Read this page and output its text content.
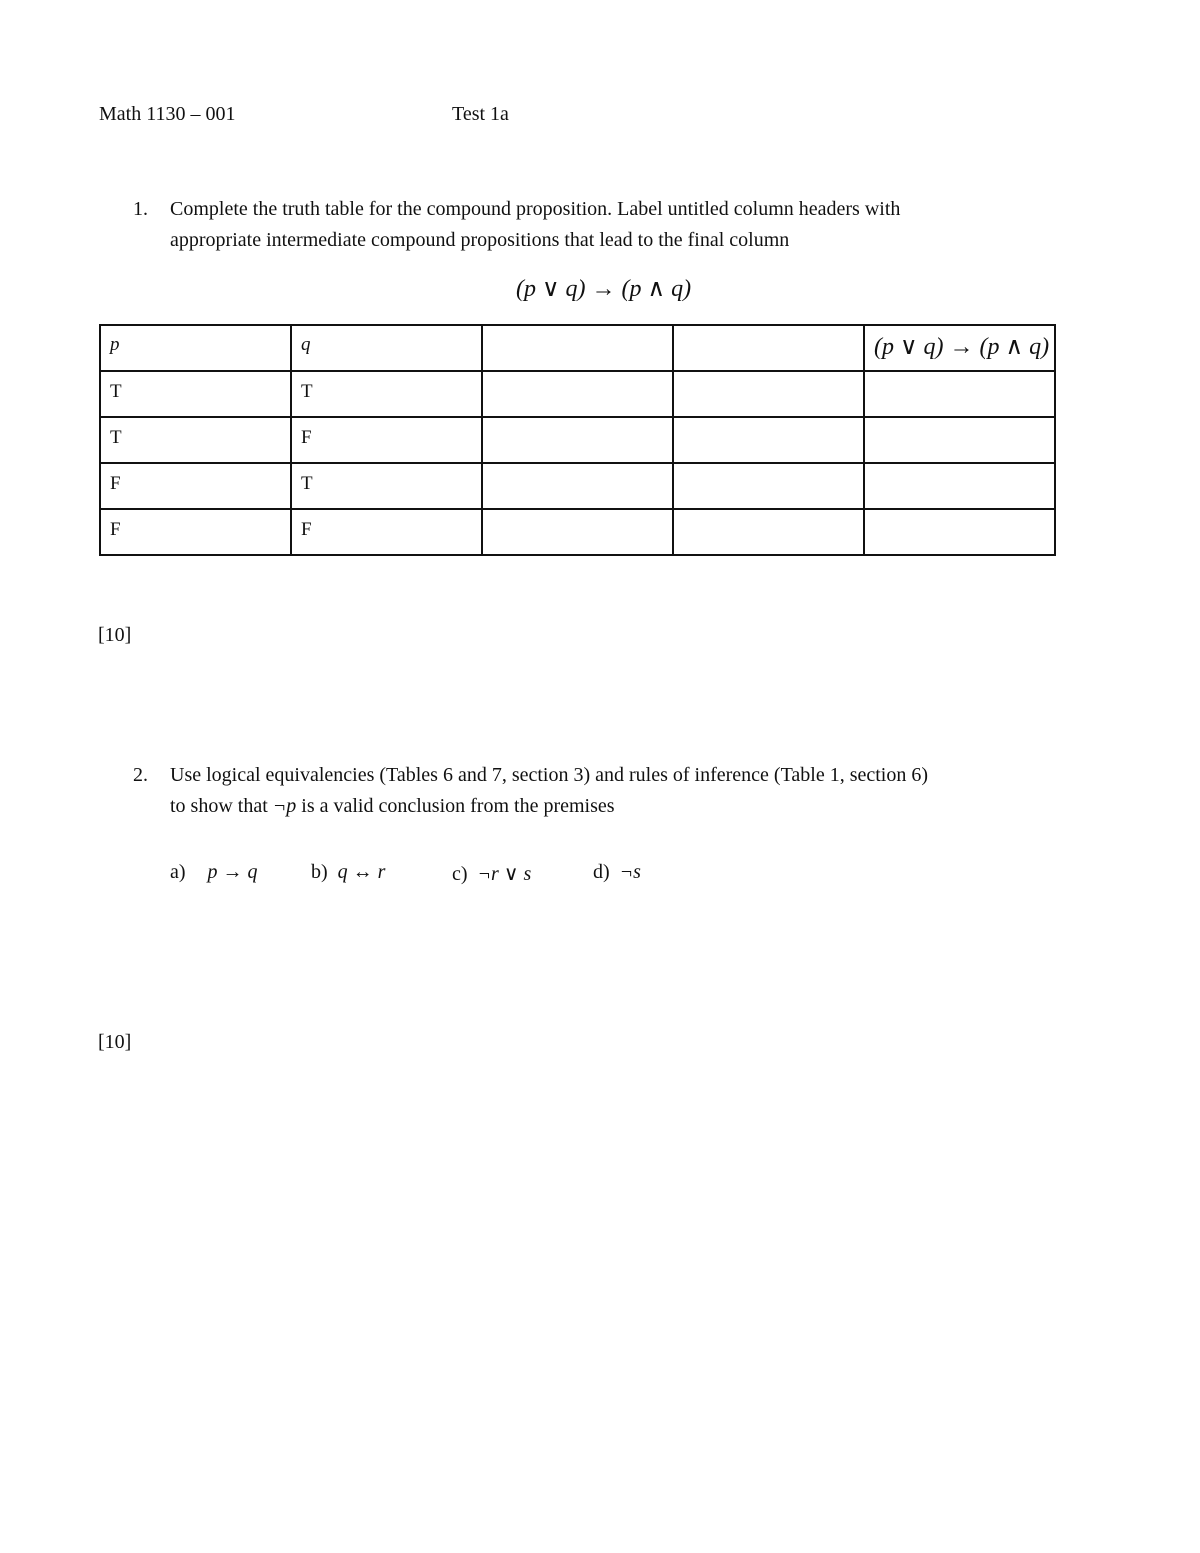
Math 1130 – 001	Test 1a
1. Complete the truth table for the compound proposition. Label untitled column headers with
appropriate intermediate compound propositions that lead to the final column
(p ∨ q) → (p ∧ q)
p	q			(p ∨ q) → (p ∧ q)

T	T			

T	F			

F	T			

F	F			

[10]
2. Use logical equivalencies (Tables 6 and 7, section 3) and rules of inference (Table 1, section 6)
to show that ¬p is a valid conclusion from the premises
a) p → q	b) q ↔ r	c) ¬r ∨ s	d) ¬s
[10]
